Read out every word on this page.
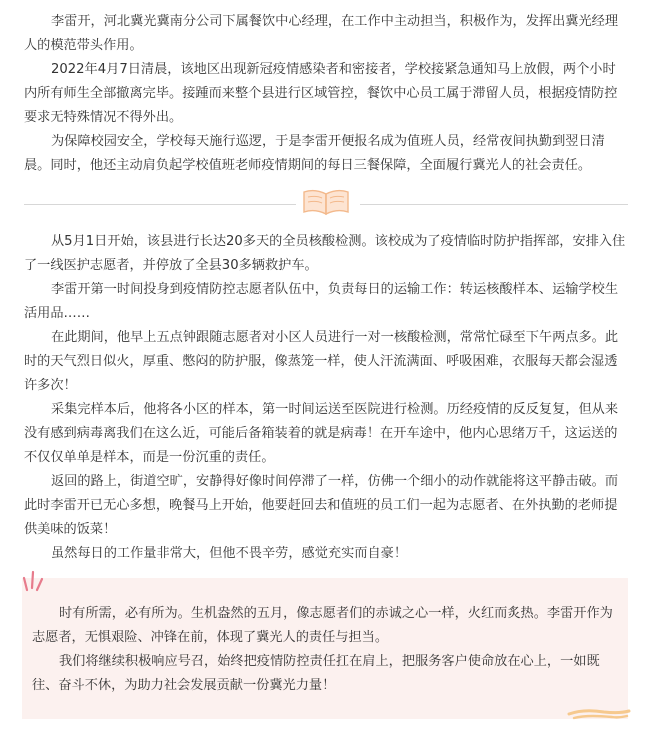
李雷开，河北冀光冀南分公司下属餐饮中心经理，在工作中主动担当，积极作为，发挥出冀光经理人的模范带头作用。

2022年4月7日清晨，该地区出现新冠疫情感染者和密接者，学校接紧急通知马上放假，两个小时内所有师生全部撤离完毕。接踵而来整个县进行区域管控，餐饮中心员工属于滞留人员，根据疫情防控要求无特殊情况不得外出。

为保障校园安全，学校每天施行巡逻，于是李雷开便报名成为值班人员，经常夜间执勤到翌日清晨。同时，他还主动肩负起学校值班老师疫情期间的每日三餐保障，全面履行冀光人的社会责任。

从5月1日开始，该县进行长达20多天的全员核酸检测。该校成为了疫情临时防护指挥部，安排入住了一线医护志愿者，并停放了全县30多辆救护车。

李雷开第一时间投身到疫情防控志愿者队伍中，负责每日的运输工作：转运核酸样本、运输学校生活用品……

在此期间，他早上五点钟跟随志愿者对小区人员进行一对一核酸检测，常常忙碌至下午两点多。此时的天气烈日似火，厚重、憋闷的防护服，像蒸笼一样，使人汗流满面、呼吸困难，衣服每天都会湿透许多次！

采集完样本后，他将各小区的样本，第一时间运送至医院进行检测。历经疫情的反反复复，但从来没有感到病毒离我们在这么近，可能后备箱装着的就是病毒！在开车途中，他内心思绪万千，这运送的不仅仅单单是样本，而是一份沉重的责任。

返回的路上，街道空旷，安静得好像时间停滞了一样，仿佛一个细小的动作就能将这平静击破。而此时李雷开已无心多想，晚餐马上开始，他要赶回去和值班的员工们一起为志愿者、在外执勤的老师提供美味的饭菜！

虽然每日的工作量非常大，但他不畏辛劳，感觉充实而自豪！

时有所需，必有所为。生机盎然的五月，像志愿者们的赤诚之心一样，火红而炙热。李雷开作为志愿者，无惧艰险、冲锋在前，体现了冀光人的责任与担当。

我们将继续积极响应号召，始终把疫情防控责任扛在肩上，把服务客户使命放在心上，一如既往、奋斗不休，为助力社会发展贡献一份冀光力量！
